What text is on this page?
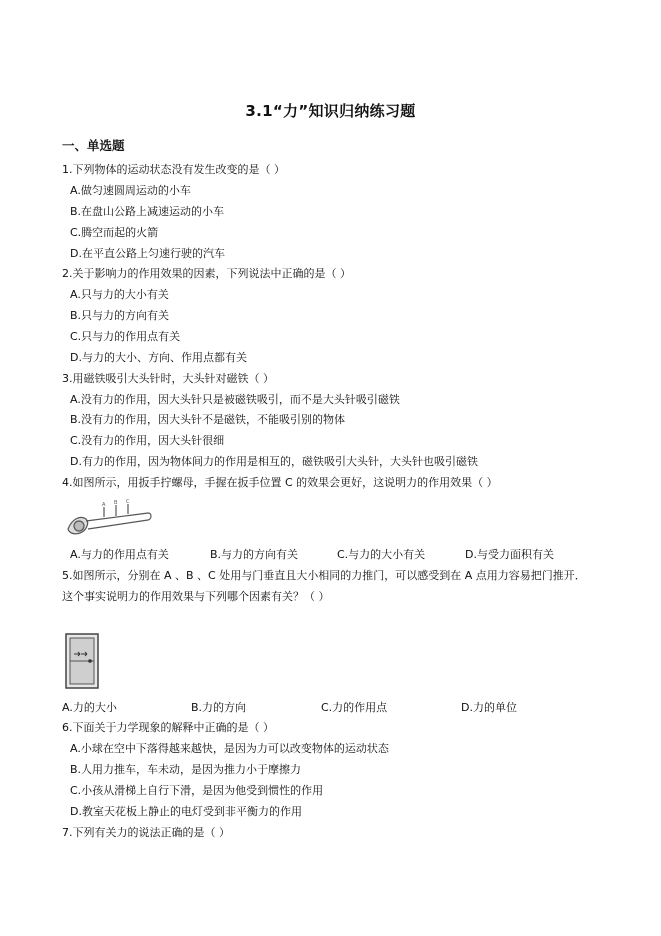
3.1“力”知识归纳练习题
一、单选题
1.下列物体的运动状态没有发生改变的是（ ）
A.做匀速圆周运动的小车
B.在盘山公路上减速运动的小车
C.腾空而起的火箭
D.在平直公路上匀速行驶的汽车
2.关于影响力的作用效果的因素，下列说法中正确的是（ ）
A.只与力的大小有关
B.只与力的方向有关
C.只与力的作用点有关
D.与力的大小、方向、作用点都有关
3.用磁铁吸引大头针时，大头针对磁铁（ ）
A.没有力的作用，因大头针只是被磁铁吸引，而不是大头针吸引磁铁
B.没有力的作用，因大头针不是磁铁，不能吸引别的物体
C.没有力的作用，因大头针很细
D.有力的作用，因为物体间力的作用是相互的，磁铁吸引大头针，大头针也吸引磁铁
4.如图所示，用扳手拧螺母，手握在扳手位置 C 的效果会更好，这说明力的作用效果（ ）
A B C
A.与力的作用点有关	B.与力的方向有关	C.与力的大小有关	D.与受力面积有关
5.如图所示，分别在 A 、B 、C 处用与门垂直且大小相同的力推门，可以感受到在 A 点用力容易把门推开．
这个事实说明力的作用效果与下列哪个因素有关？（ ）
A.力的大小	B.力的方向	C.力的作用点	D.力的单位
6.下面关于力学现象的解释中正确的是（ ）
A.小球在空中下落得越来越快，是因为力可以改变物体的运动状态
B.人用力推车，车未动，是因为推力小于摩擦力
C.小孩从滑梯上自行下滑，是因为他受到惯性的作用
D.教室天花板上静止的电灯受到非平衡力的作用
7.下列有关力的说法正确的是（ ）
